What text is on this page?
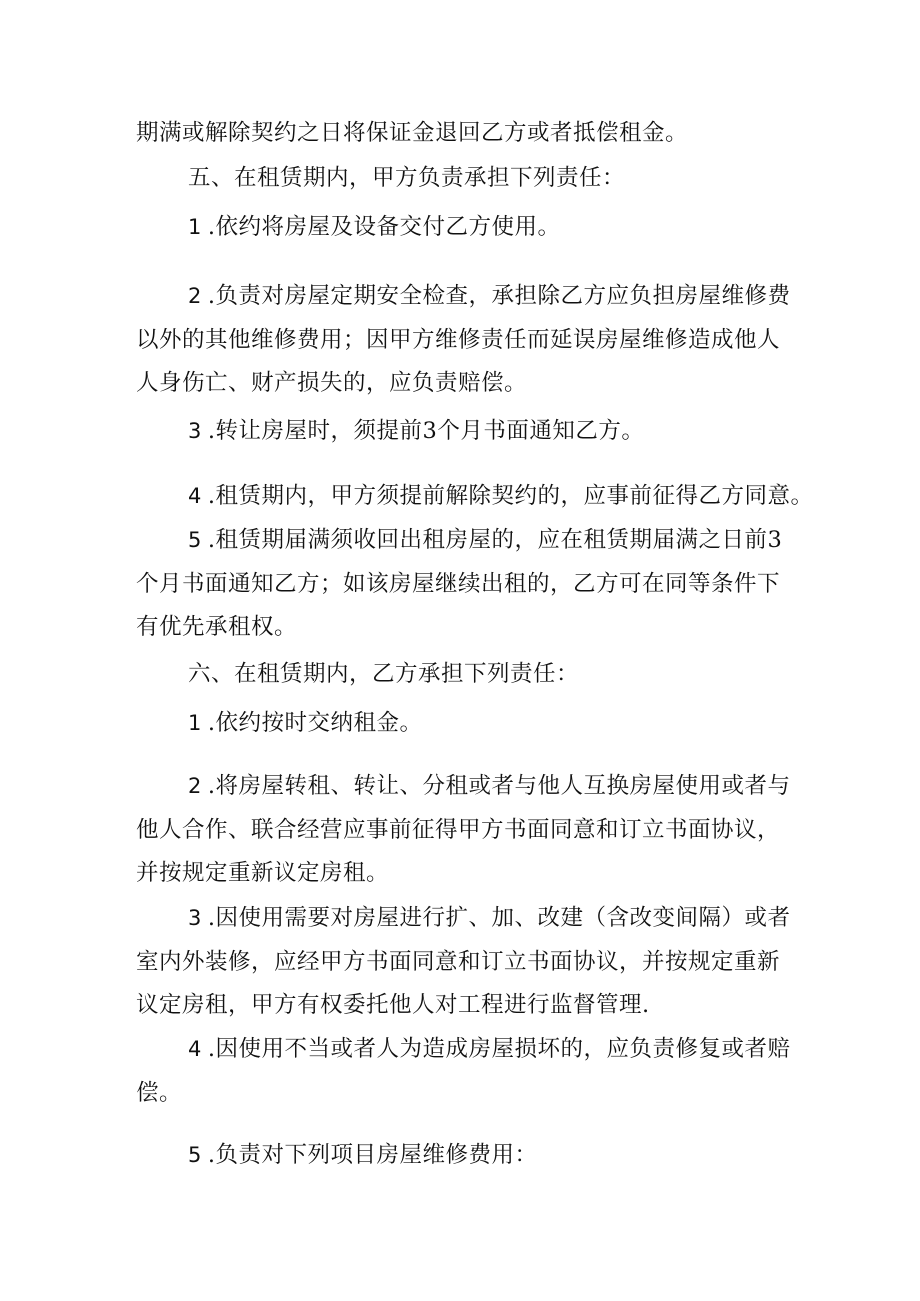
期满或解除契约之日将保证金退回乙方或者抵偿租金。
五、在租赁期内，甲方负责承担下列责任：
1 .依约将房屋及设备交付乙方使用。
2 .负责对房屋定期安全检查，承担除乙方应负担房屋维修费
以外的其他维修费用；因甲方维修责任而延误房屋维修造成他人
人身伤亡、财产损失的，应负责赔偿。
3 .转让房屋时，须提前3个月书面通知乙方。
4 .租赁期内，甲方须提前解除契约的，应事前征得乙方同意。
5 .租赁期届满须收回出租房屋的，应在租赁期届满之日前3
个月书面通知乙方；如该房屋继续出租的，乙方可在同等条件下
有优先承租权。
六、在租赁期内，乙方承担下列责任：
1 .依约按时交纳租金。
2 .将房屋转租、转让、分租或者与他人互换房屋使用或者与
他人合作、联合经营应事前征得甲方书面同意和订立书面协议，
并按规定重新议定房租。
3 .因使用需要对房屋进行扩、加、改建（含改变间隔）或者
室内外装修，应经甲方书面同意和订立书面协议，并按规定重新
议定房租，甲方有权委托他人对工程进行监督管理.
4 .因使用不当或者人为造成房屋损坏的，应负责修复或者赔
偿。
5 .负责对下列项目房屋维修费用：
